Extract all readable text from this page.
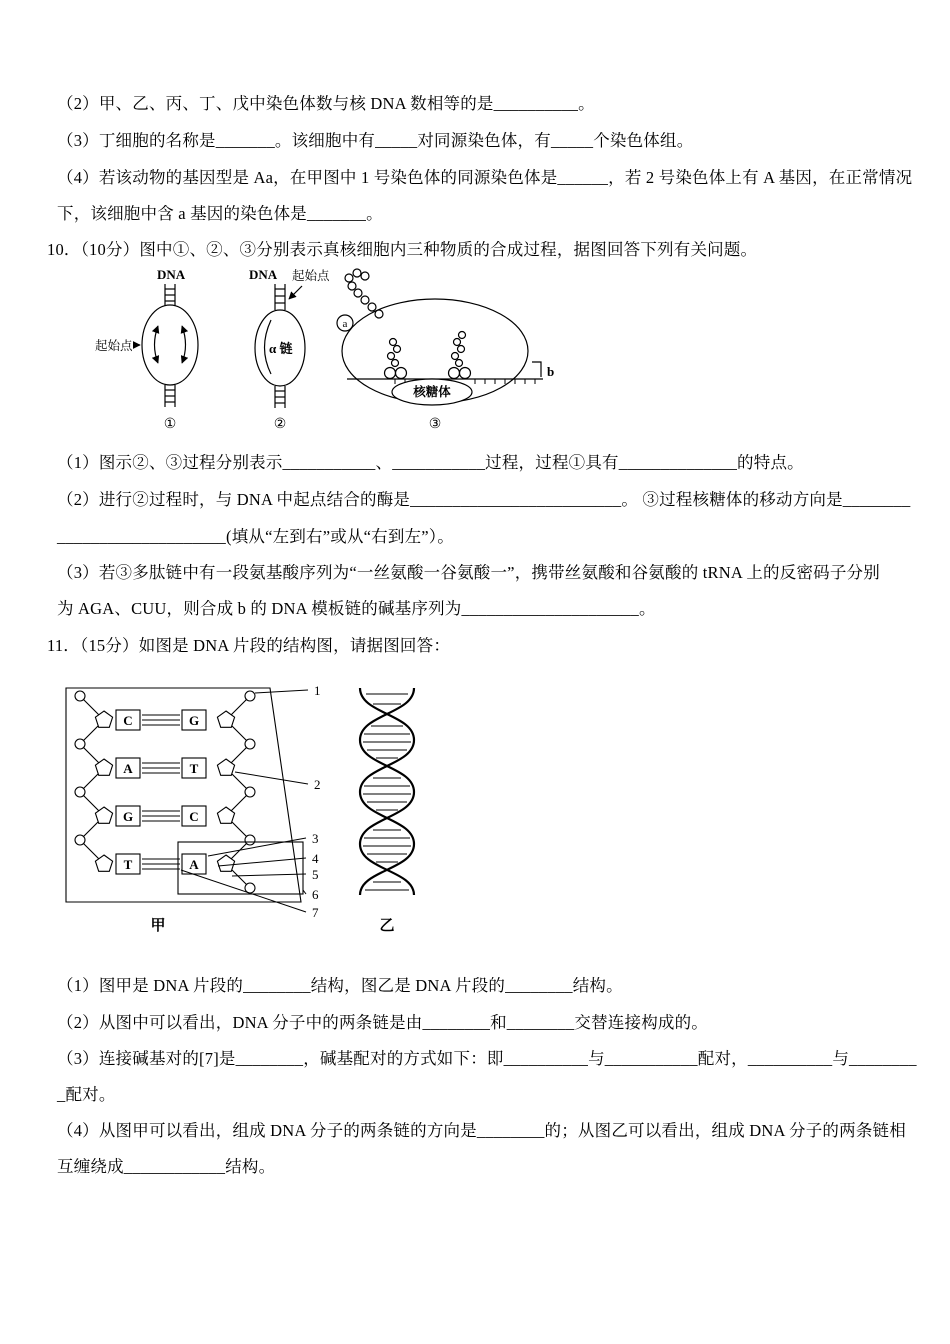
（2）甲、乙、丙、丁、戊中染色体数与核 DNA 数相等的是__________。

（3）丁细胞的名称是_______。该细胞中有_____对同源染色体，有_____个染色体组。

（4）若该动物的基因型是 Aa，在甲图中 1 号染色体的同源染色体是______，若 2 号染色体上有 A 基因，在正常情况

下，该细胞中含 a 基因的染色体是_______。

10．（10分）图中①、②、③分别表示真核细胞内三种物质的合成过程，据图回答下列有关问题。

DNA
起始点
DNA 起始点
α 链
核糖体
a
b
①	②	③

（1）图示②、③过程分别表示___________、___________过程，过程①具有______________的特点。

（2）进行②过程时，与 DNA 中起点结合的酶是_________________________。 ③过程核糖体的移动方向是________

____________________(填从“左到右”或从“右到左”）。

（3）若③多肽链中有一段氨基酸序列为“一丝氨酸一谷氨酸一”，携带丝氨酸和谷氨酸的 tRNA 上的反密码子分别

为 AGA、CUU，则合成 b 的 DNA 模板链的碱基序列为_____________________。

11．（15分）如图是 DNA 片段的结构图，请据图回答：

C	G
A	T
G	C
T	A
1
2
3
4
5
6
7
甲	乙

（1）图甲是 DNA 片段的________结构，图乙是 DNA 片段的________结构。

（2）从图中可以看出，DNA 分子中的两条链是由________和________交替连接构成的。

（3）连接碱基对的[7]是________，碱基配对的方式如下：即__________与___________配对，__________与________

_配对。

（4）从图甲可以看出，组成 DNA 分子的两条链的方向是________的；从图乙可以看出，组成 DNA 分子的两条链相

互缠绕成____________结构。
